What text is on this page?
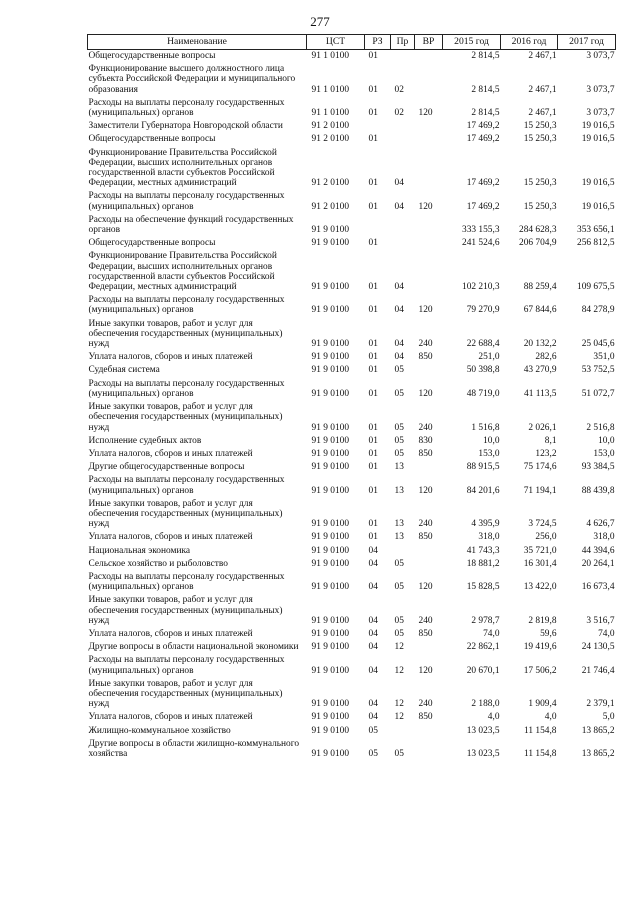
277
Наименование	ЦСТ	РЗ	Пр	ВР	2015 год	2016 год	2017 год
Общегосударственные вопросы	91 1 0100	01			2 814,5	2 467,1	3 073,7
Функционирование высшего должностного лица субъекта Российской Федерации и муниципального образования	91 1 0100	01	02		2 814,5	2 467,1	3 073,7
Расходы на выплаты персоналу государственных (муниципальных) органов	91 1 0100	01	02	120	2 814,5	2 467,1	3 073,7
Заместители Губернатора Новгородской области	91 2 0100				17 469,2	15 250,3	19 016,5
Общегосударственные вопросы	91 2 0100	01			17 469,2	15 250,3	19 016,5
Функционирование Правительства Российской Федерации, высших исполнительных органов государственной власти субъектов Российской Федерации, местных администраций	91 2 0100	01	04		17 469,2	15 250,3	19 016,5
Расходы на выплаты персоналу государственных (муниципальных) органов	91 2 0100	01	04	120	17 469,2	15 250,3	19 016,5
Расходы на обеспечение функций государственных органов	91 9 0100				333 155,3	284 628,3	353 656,1
Общегосударственные вопросы	91 9 0100	01			241 524,6	206 704,9	256 812,5
Функционирование Правительства Российской Федерации, высших исполнительных органов государственной власти субъектов Российской Федерации, местных администраций	91 9 0100	01	04		102 210,3	88 259,4	109 675,5
Расходы на выплаты персоналу государственных (муниципальных) органов	91 9 0100	01	04	120	79 270,9	67 844,6	84 278,9
Иные закупки товаров, работ и услуг для обеспечения государственных (муниципальных) нужд	91 9 0100	01	04	240	22 688,4	20 132,2	25 045,6
Уплата налогов, сборов и иных платежей	91 9 0100	01	04	850	251,0	282,6	351,0
Судебная система	91 9 0100	01	05		50 398,8	43 270,9	53 752,5
Расходы на выплаты персоналу государственных (муниципальных) органов	91 9 0100	01	05	120	48 719,0	41 113,5	51 072,7
Иные закупки товаров, работ и услуг для обеспечения государственных (муниципальных) нужд	91 9 0100	01	05	240	1 516,8	2 026,1	2 516,8
Исполнение судебных актов	91 9 0100	01	05	830	10,0	8,1	10,0
Уплата налогов, сборов и иных платежей	91 9 0100	01	05	850	153,0	123,2	153,0
Другие общегосударственные вопросы	91 9 0100	01	13		88 915,5	75 174,6	93 384,5
Расходы на выплаты персоналу государственных (муниципальных) органов	91 9 0100	01	13	120	84 201,6	71 194,1	88 439,8
Иные закупки товаров, работ и услуг для обеспечения государственных (муниципальных) нужд	91 9 0100	01	13	240	4 395,9	3 724,5	4 626,7
Уплата налогов, сборов и иных платежей	91 9 0100	01	13	850	318,0	256,0	318,0
Национальная экономика	91 9 0100	04			41 743,3	35 721,0	44 394,6
Сельское хозяйство и рыболовство	91 9 0100	04	05		18 881,2	16 301,4	20 264,1
Расходы на выплаты персоналу государственных (муниципальных) органов	91 9 0100	04	05	120	15 828,5	13 422,0	16 673,4
Иные закупки товаров, работ и услуг для обеспечения государственных (муниципальных) нужд	91 9 0100	04	05	240	2 978,7	2 819,8	3 516,7
Уплата налогов, сборов и иных платежей	91 9 0100	04	05	850	74,0	59,6	74,0
Другие вопросы в области национальной экономики	91 9 0100	04	12		22 862,1	19 419,6	24 130,5
Расходы на выплаты персоналу государственных (муниципальных) органов	91 9 0100	04	12	120	20 670,1	17 506,2	21 746,4
Иные закупки товаров, работ и услуг для обеспечения государственных (муниципальных) нужд	91 9 0100	04	12	240	2 188,0	1 909,4	2 379,1
Уплата налогов, сборов и иных платежей	91 9 0100	04	12	850	4,0	4,0	5,0
Жилищно-коммунальное хозяйство	91 9 0100	05			13 023,5	11 154,8	13 865,2
Другие вопросы в области жилищно-коммунального хозяйства	91 9 0100	05	05		13 023,5	11 154,8	13 865,2
